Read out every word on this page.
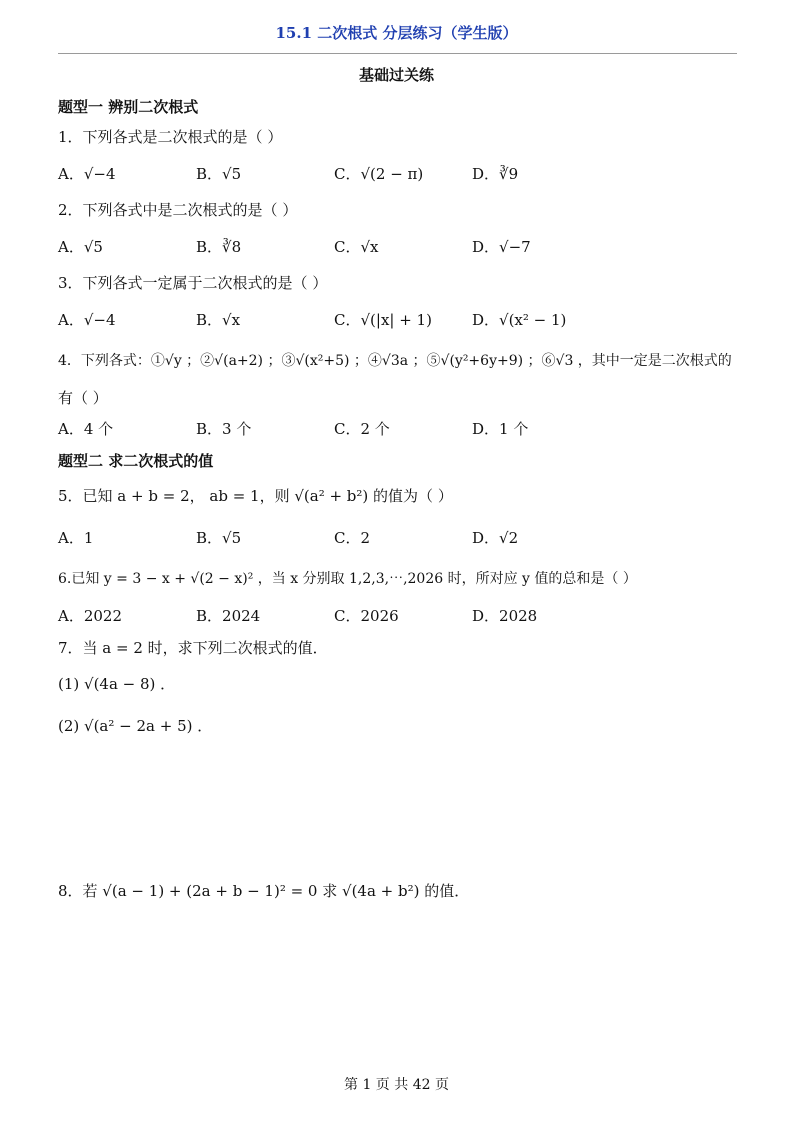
15.1 二次根式 分层练习（学生版）
基础过关练
题型一 辨别二次根式
1．下列各式是二次根式的是（ ）
A．√−4	B．√5	C．√(2 − π)	D．∛9
2．下列各式中是二次根式的是（ ）
A．√5	B．∛8	C．√x	D．√−7
3．下列各式一定属于二次根式的是（ ）
A．√−4	B．√x	C．√(|x| + 1)	D．√(x² − 1)
4．下列各式：①√y ；②√(a+2) ；③√(x²+5) ；④√3a ；⑤√(y²+6y+9) ；⑥√3 ，其中一定是二次根式的
有（ ）
A．4 个	B．3 个	C．2 个	D．1 个
题型二 求二次根式的值
5．已知 a + b = 2， ab = 1，则 √(a² + b²) 的值为（ ）
A．1	B．√5	C．2	D．√2
6.已知 y = 3 − x + √(2 − x)² ，当 x 分别取 1,2,3,⋯,2026 时，所对应 y 值的总和是（ ）
A．2022	B．2024	C．2026	D．2028
7．当 a = 2 时，求下列二次根式的值．
(1) √(4a − 8) ．
(2) √(a² − 2a + 5) ．
8．若 √(a − 1) + (2a + b − 1)² = 0 求 √(4a + b²) 的值．
第 1 页 共 42 页
